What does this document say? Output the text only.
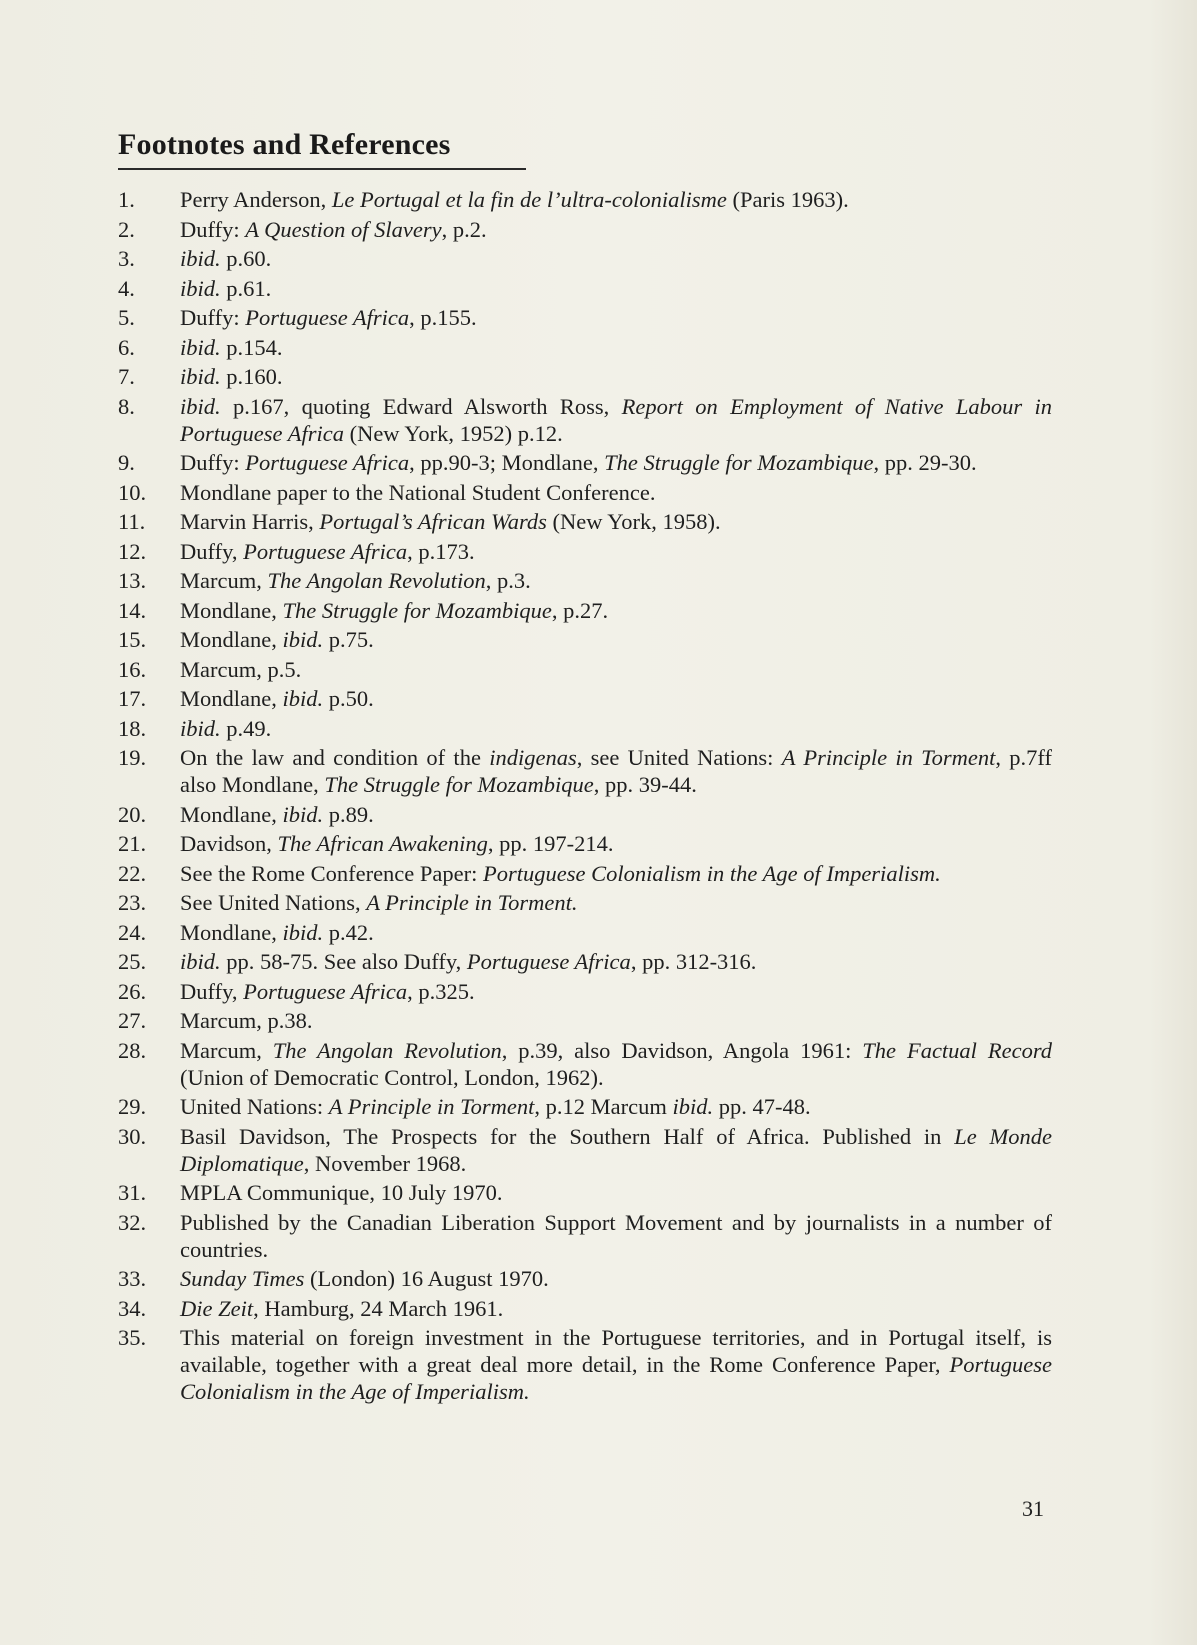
Footnotes and References
1.	Perry Anderson, Le Portugal et la fin de l’ultra-colonialisme (Paris 1963).
2.	Duffy: A Question of Slavery, p.2.
3.	ibid. p.60.
4.	ibid. p.61.
5.	Duffy: Portuguese Africa, p.155.
6.	ibid. p.154.
7.	ibid. p.160.
8.	ibid. p.167, quoting Edward Alsworth Ross, Report on Employment of Native Labour in Portuguese Africa (New York, 1952) p.12.
9.	Duffy: Portuguese Africa, pp.90-3; Mondlane, The Struggle for Mozambique, pp. 29-30.
10.	Mondlane paper to the National Student Conference.
11.	Marvin Harris, Portugal’s African Wards (New York, 1958).
12.	Duffy, Portuguese Africa, p.173.
13.	Marcum, The Angolan Revolution, p.3.
14.	Mondlane, The Struggle for Mozambique, p.27.
15.	Mondlane, ibid. p.75.
16.	Marcum, p.5.
17.	Mondlane, ibid. p.50.
18.	ibid. p.49.
19.	On the law and condition of the indigenas, see United Nations: A Principle in Torment, p.7ff also Mondlane, The Struggle for Mozambique, pp. 39-44.
20.	Mondlane, ibid. p.89.
21.	Davidson, The African Awakening, pp. 197-214.
22.	See the Rome Conference Paper: Portuguese Colonialism in the Age of Imperialism.
23.	See United Nations, A Principle in Torment.
24.	Mondlane, ibid. p.42.
25.	ibid. pp. 58-75. See also Duffy, Portuguese Africa, pp. 312-316.
26.	Duffy, Portuguese Africa, p.325.
27.	Marcum, p.38.
28.	Marcum, The Angolan Revolution, p.39, also Davidson, Angola 1961: The Factual Record (Union of Democratic Control, London, 1962).
29.	United Nations: A Principle in Torment, p.12 Marcum ibid. pp. 47-48.
30.	Basil Davidson, The Prospects for the Southern Half of Africa. Published in Le Monde Diplomatique, November 1968.
31.	MPLA Communique, 10 July 1970.
32.	Published by the Canadian Liberation Support Movement and by journalists in a number of countries.
33.	Sunday Times (London) 16 August 1970.
34.	Die Zeit, Hamburg, 24 March 1961.
35.	This material on foreign investment in the Portuguese territories, and in Portugal itself, is available, together with a great deal more detail, in the Rome Conference Paper, Portuguese Colonialism in the Age of Imperialism.
31
